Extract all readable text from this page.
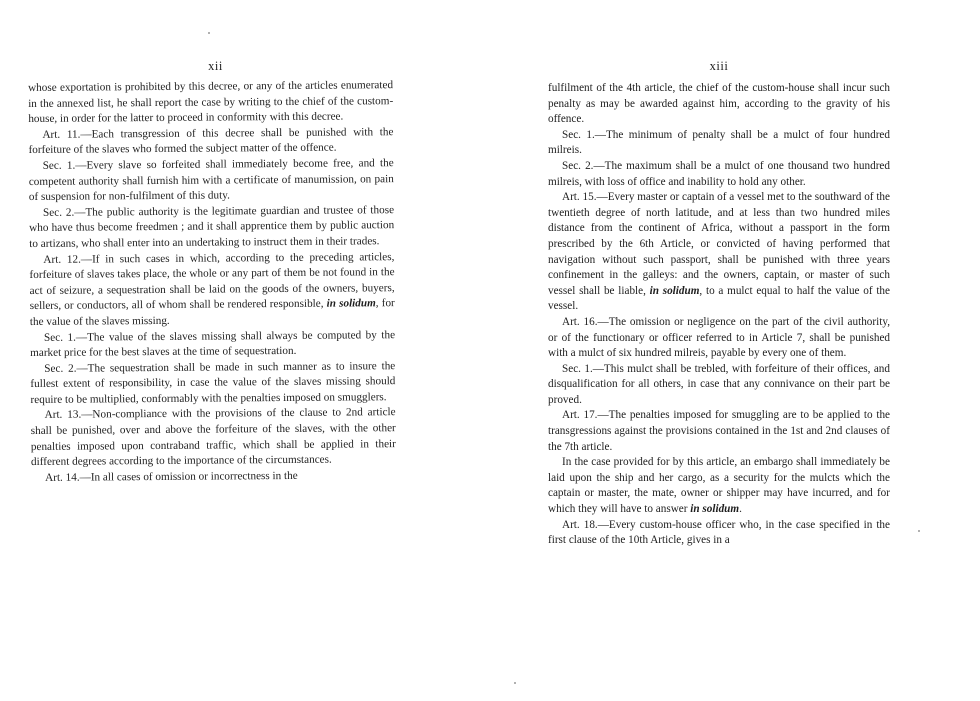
xii

whose exportation is prohibited by this decree, or any of the articles enumerated in the annexed list, he shall report the case by writing to the chief of the custom-house, in order for the latter to proceed in conformity with this decree.

Art. 11.—Each transgression of this decree shall be punished with the forfeiture of the slaves who formed the subject matter of the offence.

Sec. 1.—Every slave so forfeited shall immediately become free, and the competent authority shall furnish him with a certificate of manumission, on pain of suspension for non-fulfilment of this duty.

Sec. 2.—The public authority is the legitimate guardian and trustee of those who have thus become freedmen ; and it shall apprentice them by public auction to artizans, who shall enter into an undertaking to instruct them in their trades.

Art. 12.—If in such cases in which, according to the preceding articles, forfeiture of slaves takes place, the whole or any part of them be not found in the act of seizure, a sequestration shall be laid on the goods of the owners, buyers, sellers, or conductors, all of whom shall be rendered responsible, in solidum, for the value of the slaves missing.

Sec. 1.—The value of the slaves missing shall always be computed by the market price for the best slaves at the time of sequestration.

Sec. 2.—The sequestration shall be made in such manner as to insure the fullest extent of responsibility, in case the value of the slaves missing should require to be multiplied, conformably with the penalties imposed on smugglers.

Art. 13.—Non-compliance with the provisions of the clause to 2nd article shall be punished, over and above the forfeiture of the slaves, with the other penalties imposed upon contraband traffic, which shall be applied in their different degrees according to the importance of the circumstances.

Art. 14.—In all cases of omission or incorrectness in the

xiii

fulfilment of the 4th article, the chief of the custom-house shall incur such penalty as may be awarded against him, according to the gravity of his offence.

Sec. 1.—The minimum of penalty shall be a mulct of four hundred milreis.

Sec. 2.—The maximum shall be a mulct of one thousand two hundred milreis, with loss of office and inability to hold any other.

Art. 15.—Every master or captain of a vessel met to the southward of the twentieth degree of north latitude, and at less than two hundred miles distance from the continent of Africa, without a passport in the form prescribed by the 6th Article, or convicted of having performed that navigation without such passport, shall be punished with three years confinement in the galleys: and the owners, captain, or master of such vessel shall be liable, in solidum, to a mulct equal to half the value of the vessel.

Art. 16.—The omission or negligence on the part of the civil authority, or of the functionary or officer referred to in Article 7, shall be punished with a mulct of six hundred milreis, payable by every one of them.

Sec. 1.—This mulct shall be trebled, with forfeiture of their offices, and disqualification for all others, in case that any connivance on their part be proved.

Art. 17.—The penalties imposed for smuggling are to be applied to the transgressions against the provisions contained in the 1st and 2nd clauses of the 7th article.

In the case provided for by this article, an embargo shall immediately be laid upon the ship and her cargo, as a security for the mulcts which the captain or master, the mate, owner or shipper may have incurred, and for which they will have to answer in solidum.

Art. 18.—Every custom-house officer who, in the case specified in the first clause of the 10th Article, gives in a
